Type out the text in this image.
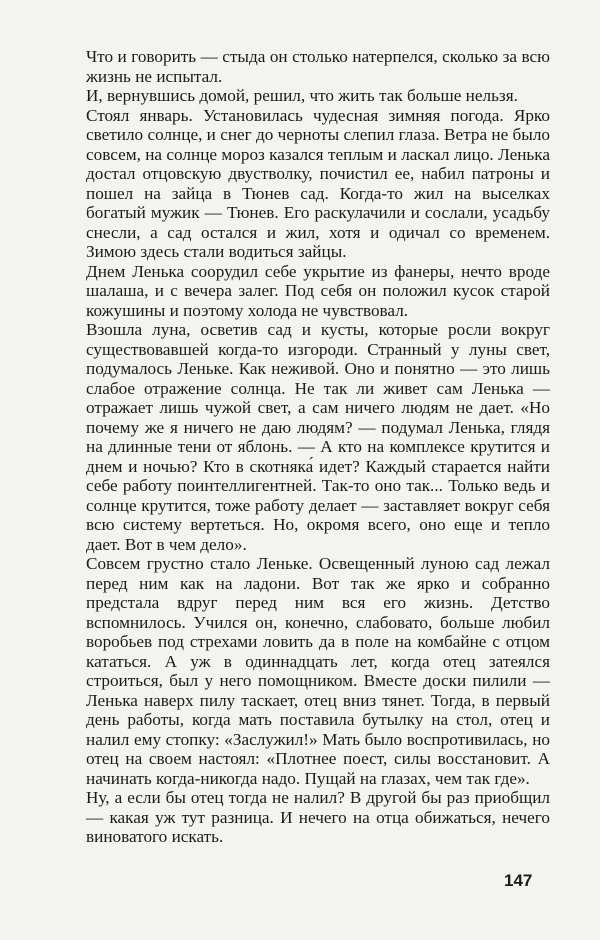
Что и говорить — стыда он столько натерпелся, сколько за всю жизнь не испытал.

И, вернувшись домой, решил, что жить так больше нельзя.

Стоял январь. Установилась чудесная зимняя погода. Ярко светило солнце, и снег до черноты слепил глаза. Ветра не было совсем, на солнце мороз казался теплым и ласкал лицо. Ленька достал отцовскую двустволку, почистил ее, набил патроны и пошел на зайца в Тюнев сад. Когда-то жил на выселках богатый мужик — Тюнев. Его раскулачили и сослали, усадьбу снесли, а сад остался и жил, хотя и одичал со временем. Зимою здесь стали водиться зайцы.

Днем Ленька соорудил себе укрытие из фанеры, нечто вроде шалаша, и с вечера залег. Под себя он положил кусок старой кожушины и поэтому холода не чувствовал.

Взошла луна, осветив сад и кусты, которые росли вокруг существовавшей когда-то изгороди. Странный у луны свет, подумалось Леньке. Как неживой. Оно и понятно — это лишь слабое отражение солнца. Не так ли живет сам Ленька — отражает лишь чужой свет, а сам ничего людям не дает. «Но почему же я ничего не даю людям? — подумал Ленька, глядя на длинные тени от яблонь. — А кто на комплексе крутится и днем и ночью? Кто в скотняка́ идет? Каждый старается найти себе работу поинтеллигентней. Так-то оно так... Только ведь и солнце крутится, тоже работу делает — заставляет вокруг себя всю систему вертеться. Но, окромя всего, оно еще и тепло дает. Вот в чем дело».

Совсем грустно стало Леньке. Освещенный луною сад лежал перед ним как на ладони. Вот так же ярко и собранно предстала вдруг перед ним вся его жизнь. Детство вспомнилось. Учился он, конечно, слабовато, больше любил воробьев под стрехами ловить да в поле на комбайне с отцом кататься. А уж в одиннадцать лет, когда отец затеялся строиться, был у него помощником. Вместе доски пилили — Ленька наверх пилу таскает, отец вниз тянет. Тогда, в первый день работы, когда мать поставила бутылку на стол, отец и налил ему стопку: «Заслужил!» Мать было воспротивилась, но отец на своем настоял: «Плотнее поест, силы восстановит. А начинать когда-никогда надо. Пущай на глазах, чем так где».

Ну, а если бы отец тогда не налил? В другой бы раз приобщил — какая уж тут разница. И нечего на отца обижаться, нечего виноватого искать.

147
